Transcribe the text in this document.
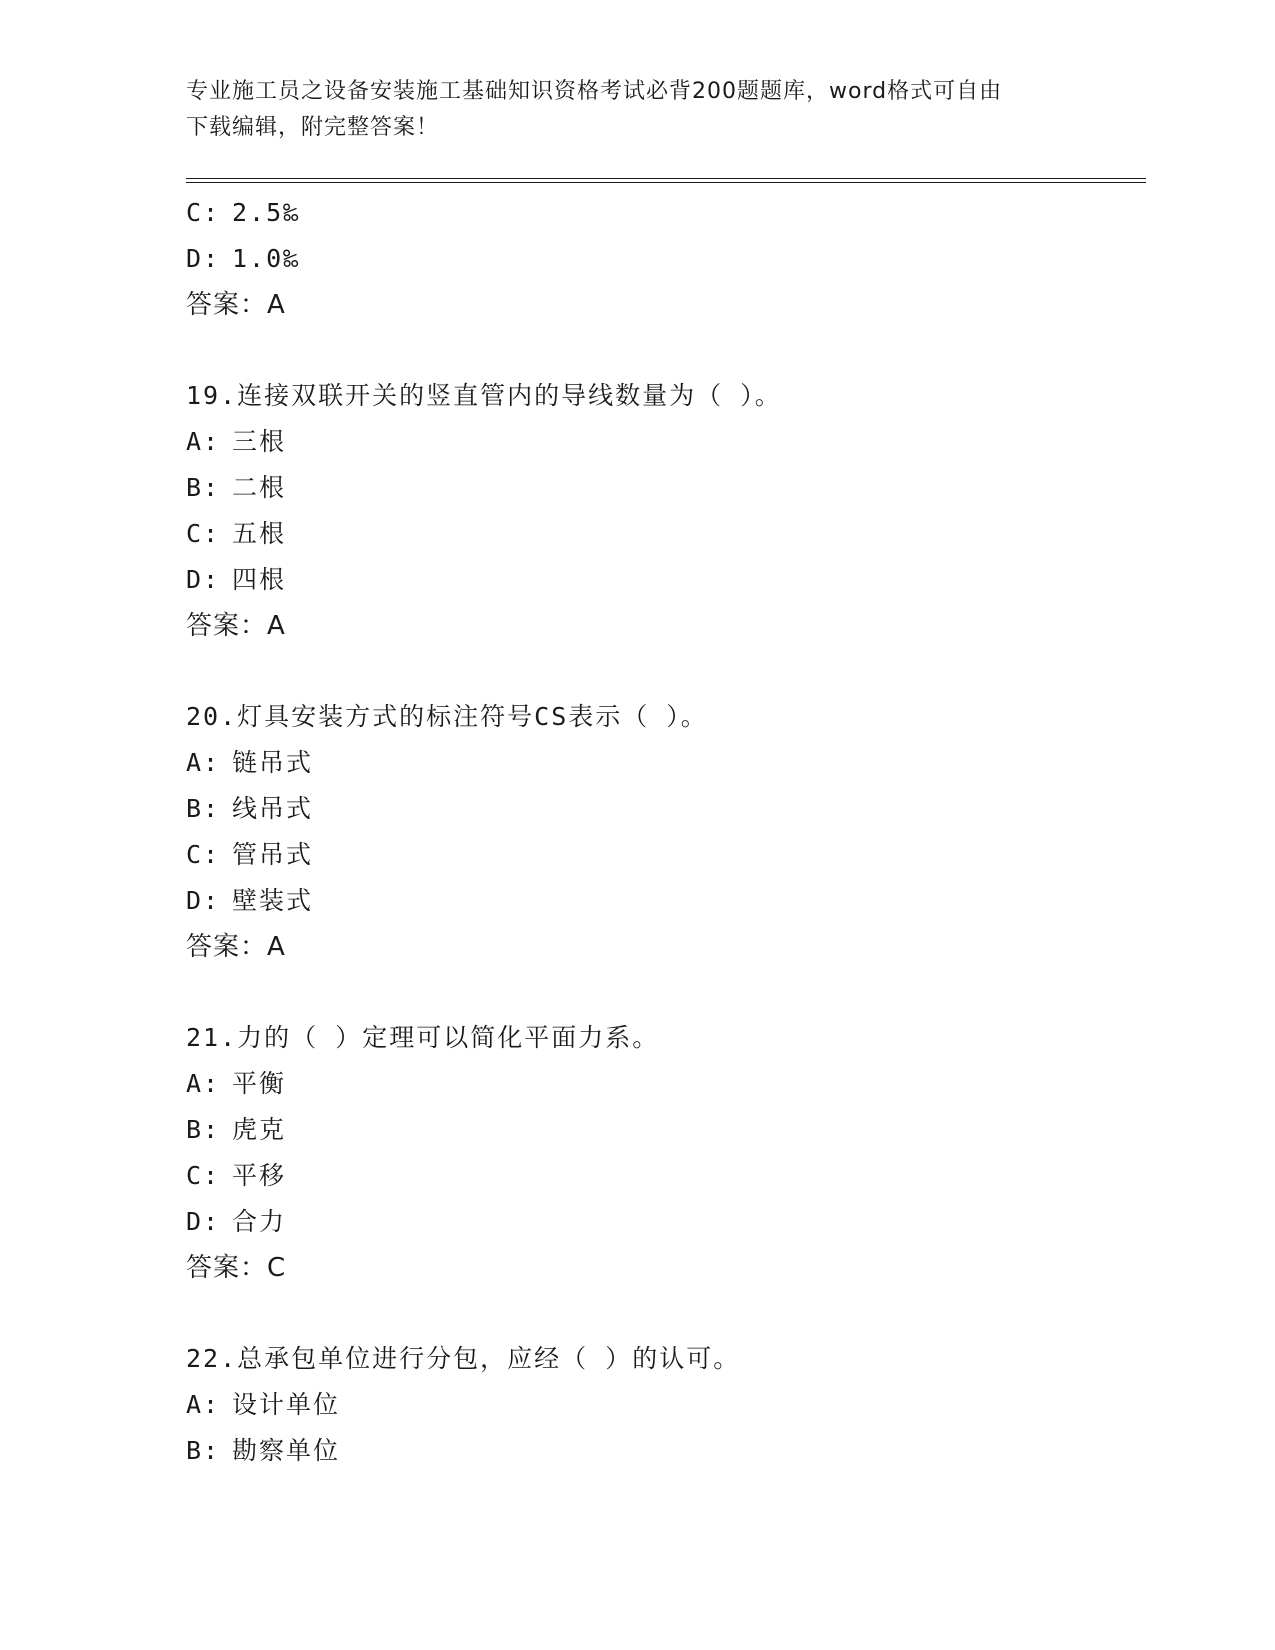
专业施工员之设备安装施工基础知识资格考试必背200题题库，word格式可自由
下载编辑，附完整答案！
C: 2.5‰
D: 1.0‰
答案：A
19.连接双联开关的竖直管内的导线数量为（ ）。
A: 三根
B: 二根
C: 五根
D: 四根
答案：A
20.灯具安装方式的标注符号CS表示（ ）。
A: 链吊式
B: 线吊式
C: 管吊式
D: 壁装式
答案：A
21.力的（ ）定理可以简化平面力系。
A: 平衡
B: 虎克
C: 平移
D: 合力
答案：C
22.总承包单位进行分包，应经（ ）的认可。
A: 设计单位
B: 勘察单位
